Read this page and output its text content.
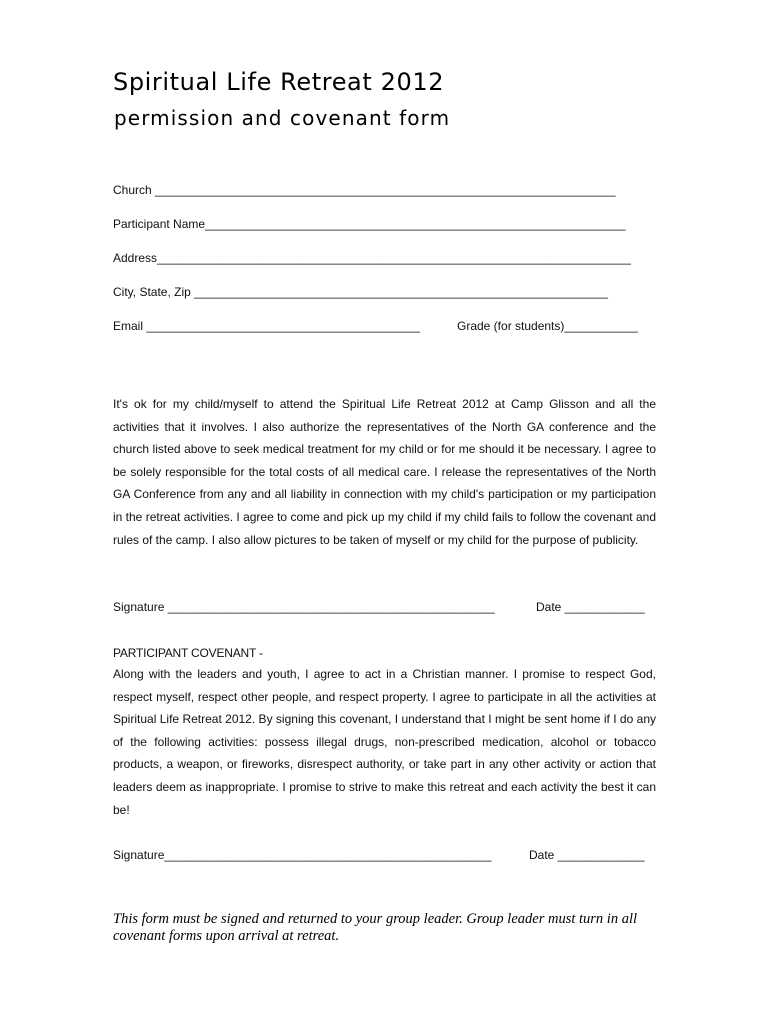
Spiritual Life Retreat 2012
permission and covenant form
Church _____________________________________________________________________
Participant Name_______________________________________________________________
Address_______________________________________________________________________
City, State, Zip ______________________________________________________________
Email _________________________________________	Grade (for students)___________
It's ok for my child/myself to attend the Spiritual Life Retreat 2012 at Camp Glisson and all the activities that it involves. I also authorize the representatives of the North GA conference and the church listed above to seek medical treatment for my child or for me should it be necessary. I agree to be solely responsible for the total costs of all medical care. I release the representatives of the North GA Conference from any and all liability in connection with my child's participation or my participation in the retreat activities. I agree to come and pick up my child if my child fails to follow the covenant and rules of the camp. I also allow pictures to be taken of myself or my child for the purpose of publicity.
Signature _________________________________________________	Date ____________
PARTICIPANT COVENANT -
Along with the leaders and youth, I agree to act in a Christian manner. I promise to respect God, respect myself, respect other people, and respect property. I agree to participate in all the activities at Spiritual Life Retreat 2012. By signing this covenant, I understand that I might be sent home if I do any of the following activities: possess illegal drugs, non-prescribed medication, alcohol or tobacco products, a weapon, or fireworks, disrespect authority, or take part in any other activity or action that leaders deem as inappropriate. I promise to strive to make this retreat and each activity the best it can be!
Signature_________________________________________________	Date _____________
This form must be signed and returned to your group leader. Group leader must turn in all covenant forms upon arrival at retreat.
